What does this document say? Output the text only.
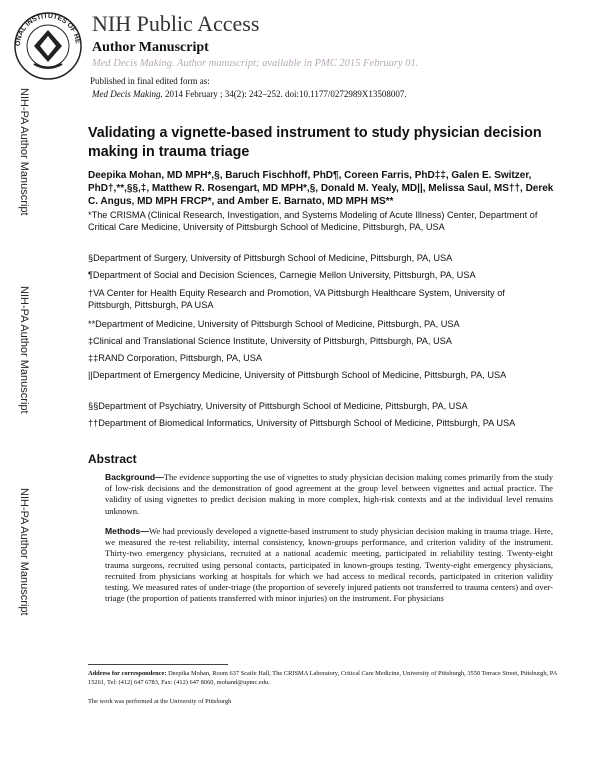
ONAL INSTITUTES OF HE
NIH Public Access
Author Manuscript
Med Decis Making. Author manuscript; available in PMC 2015 February 01.
Published in final edited form as:
Med Decis Making. 2014 February ; 34(2): 242–252. doi:10.1177/0272989X13508007.
NIH-PA Author Manuscript
NIH-PA Author Manuscript
NIH-PA Author Manuscript
Validating a vignette-based instrument to study physician decision making in trauma triage
Deepika Mohan, MD MPH*,§, Baruch Fischhoff, PhD¶, Coreen Farris, PhD‡‡, Galen E. Switzer, PhD†,**,§§,‡, Matthew R. Rosengart, MD MPH*,§, Donald M. Yealy, MD||, Melissa Saul, MS††, Derek C. Angus, MD MPH FRCP*, and Amber E. Barnato, MD MPH MS**
*The CRISMA (Clinical Research, Investigation, and Systems Modeling of Acute Illness) Center, Department of Critical Care Medicine, University of Pittsburgh School of Medicine, Pittsburgh, PA, USA
§Department of Surgery, University of Pittsburgh School of Medicine, Pittsburgh, PA, USA
¶Department of Social and Decision Sciences, Carnegie Mellon University, Pittsburgh, PA, USA
†VA Center for Health Equity Research and Promotion, VA Pittsburgh Healthcare System, University of Pittsburgh, Pittsburgh, PA USA
**Department of Medicine, University of Pittsburgh School of Medicine, Pittsburgh, PA, USA
‡Clinical and Translational Science Institute, University of Pittsburgh, Pittsburgh, PA, USA
‡‡RAND Corporation, Pittsburgh, PA, USA
||Department of Emergency Medicine, University of Pittsburgh School of Medicine, Pittsburgh, PA, USA
§§Department of Psychiatry, University of Pittsburgh School of Medicine, Pittsburgh, PA, USA
††Department of Biomedical Informatics, University of Pittsburgh School of Medicine, Pittsburgh, PA USA
Abstract
Background—The evidence supporting the use of vignettes to study physician decision making comes primarily from the study of low-risk decisions and the demonstration of good agreement at the group level between vignettes and actual practice. The validity of using vignettes to predict decision making in more complex, high-risk contexts and at the individual level remains unknown.
Methods—We had previously developed a vignette-based instrument to study physician decision making in trauma triage. Here, we measured the re-test reliability, internal consistency, known-groups performance, and criterion validity of the instrument. Thirty-two emergency physicians, recruited at a national academic meeting, participated in reliability testing. Twenty-eight trauma surgeons, recruited using personal contacts, participated in known-groups testing. Twenty-eight emergency physicians, recruited from physicians working at hospitals for which we had access to medical records, participated in criterion validity testing. We measured rates of under-triage (the proportion of severely injured patients not transferred to trauma centers) and over-triage (the proportion of patients transferred with minor injuries) on the instrument. For physicians
Address for correspondence: Deepika Mohan, Room 637 Scaife Hall, The CRISMA Laboratory, Critical Care Medicine, University of Pittsburgh, 3550 Terrace Street, Pittsburgh, PA 15261, Tel: (412) 647 6783, Fax: (412) 647 8060, mohand@upmc.edu.
The work was performed at the University of Pittsburgh
